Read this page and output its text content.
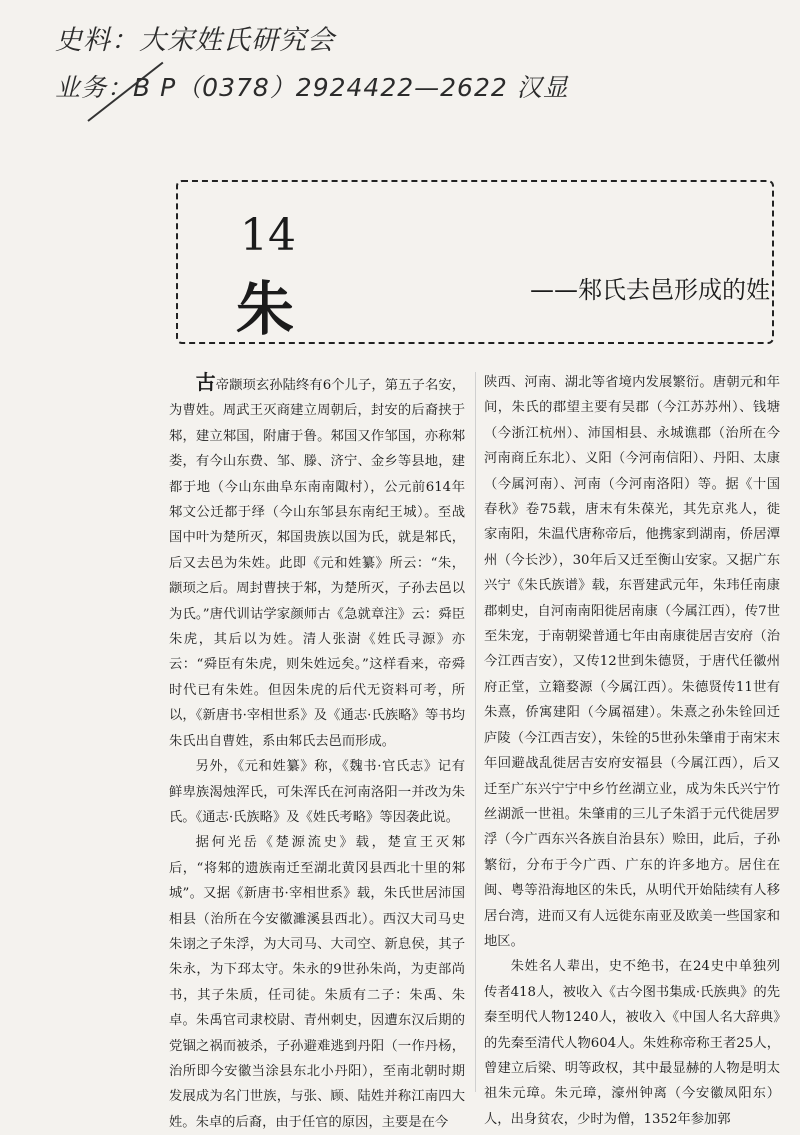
史料：大宋姓氏研究会
业务：B P（0378）2924422—2622 汉显
14
朱	——邾氏去邑形成的姓

古帝颛顼玄孙陆终有6个儿子，第五子名安，为曹姓。周武王灭商建立周朝后，封安的后裔挟于邾，建立邾国，附庸于鲁。邾国又作邹国，亦称邾娄，有今山东费、邹、滕、济宁、金乡等县地，建都于地（今山东曲阜东南南陬村），公元前614年邾文公迁都于绎（今山东邹县东南纪王城）。至战国中叶为楚所灭，邾国贵族以国为氏，就是邾氏，后又去邑为朱姓。此即《元和姓纂》所云：“朱，颛顼之后。周封曹挟于邾，为楚所灭，子孙去邑以为氏。”唐代训诂学家颜师古《急就章注》云：舜臣朱虎，其后以为姓。清人张澍《姓氏寻源》亦云：“舜臣有朱虎，则朱姓远矣。”这样看来，帝舜时代已有朱姓。但因朱虎的后代无资料可考，所以，《新唐书·宰相世系》及《通志·氏族略》等书均朱氏出自曹姓，系由邾氏去邑而形成。

另外，《元和姓纂》称，《魏书·官氏志》记有鲜卑族渴烛浑氏，可朱浑氏在河南洛阳一并改为朱氏。《通志·氏族略》及《姓氏考略》等因袭此说。

据何光岳《楚源流史》载，楚宣王灭邾后，“将邾的遗族南迁至湖北黄冈县西北十里的邾城”。又据《新唐书·宰相世系》载，朱氏世居沛国相县（治所在今安徽濉溪县西北）。西汉大司马史朱诩之子朱浮，为大司马、大司空、新息侯，其子朱永，为下邳太守。朱永的9世孙朱尚，为吏部尚书，其子朱质，任司徒。朱质有二子：朱禹、朱卓。朱禹官司隶校尉、青州刺史，因遭东汉后期的党锢之祸而被杀，子孙避难逃到丹阳（一作丹杨，治所即今安徽当涂县东北小丹阳），至南北朝时期发展成为名门世族，与张、顾、陆姓并称江南四大姓。朱卓的后裔，由于任官的原因，主要是在今

陕西、河南、湖北等省境内发展繁衍。唐朝元和年间，朱氏的郡望主要有吴郡（今江苏苏州）、钱塘（今浙江杭州）、沛国相县、永城谯郡（治所在今河南商丘东北）、义阳（今河南信阳）、丹阳、太康（今属河南）、河南（今河南洛阳）等。据《十国春秋》卷75载，唐末有朱葆光，其先京兆人，徙家南阳，朱温代唐称帝后，他携家到湖南，侨居潭州（今长沙），30年后又迁至衡山安家。又据广东兴宁《朱氏族谱》载，东晋建武元年，朱玮任南康郡刺史，自河南南阳徙居南康（今属江西），传7世至朱宠，于南朝梁普通七年由南康徙居吉安府（治今江西吉安），又传12世到朱德贤，于唐代任徽州府正堂，立籍婺源（今属江西）。朱德贤传11世有朱熹，侨寓建阳（今属福建）。朱熹之孙朱铨回迁庐陵（今江西吉安），朱铨的5世孙朱肇甫于南宋末年回避战乱徙居吉安府安福县（今属江西），后又迁至广东兴宁宁中乡竹丝湖立业，成为朱氏兴宁竹丝湖派一世祖。朱肇甫的三儿子朱滔于元代徙居罗浮（今广西东兴各族自治县东）赊田，此后，子孙繁衍，分布于今广西、广东的许多地方。居住在闽、粤等沿海地区的朱氏，从明代开始陆续有人移居台湾，进而又有人远徙东南亚及欧美一些国家和地区。

朱姓名人辈出，史不绝书，在24史中单独列传者418人，被收入《古今图书集成·氏族典》的先秦至明代人物1240人，被收入《中国人名大辞典》的先秦至清代人物604人。朱姓称帝称王者25人，曾建立后梁、明等政权，其中最显赫的人物是明太祖朱元璋。朱元璋，濠州钟离（今安徽凤阳东）人，出身贫农，少时为僧，1352年参加郭
